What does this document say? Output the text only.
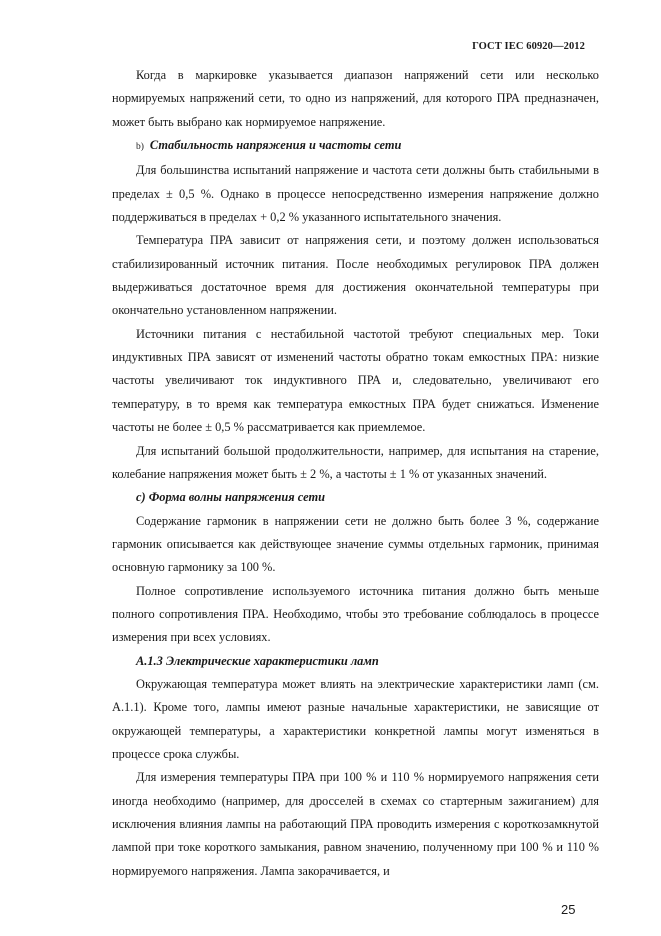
ГОСТ IEC 60920—2012

Когда в маркировке указывается диапазон напряжений сети или несколько нормируемых напряжений сети, то одно из напряжений, для которого ПРА предназначен, может быть выбрано как нормируемое напряжение.

b) Стабильность напряжения и частоты сети

Для большинства испытаний напряжение и частота сети должны быть стабильными в пределах ± 0,5 %. Однако в процессе непосредственно измерения напряжение должно поддерживаться в пределах + 0,2 % указанного испытательного значения.

Температура ПРА зависит от напряжения сети, и поэтому должен использоваться стабилизированный источник питания. После необходимых регулировок ПРА должен выдерживаться достаточное время для достижения окончательной температуры при окончательно установленном напряжении.

Источники питания с нестабильной частотой требуют специальных мер. Токи индуктивных ПРА зависят от изменений частоты обратно токам емкостных ПРА: низкие частоты увеличивают ток индуктивного ПРА и, следовательно, увеличивают его температуру, в то время как температура емкостных ПРА будет снижаться. Изменение частоты не более ± 0,5 % рассматривается как приемлемое.

Для испытаний большой продолжительности, например, для испытания на старение, колебание напряжения может быть ± 2 %, а частоты ± 1 % от указанных значений.

с) Форма волны напряжения сети

Содержание гармоник в напряжении сети не должно быть более 3 %, содержание гармоник описывается как действующее значение суммы отдельных гармоник, принимая основную гармонику за 100 %.

Полное сопротивление используемого источника питания должно быть меньше полного сопротивления ПРА. Необходимо, чтобы это требование соблюдалось в процессе измерения при всех условиях.

А.1.3 Электрические характеристики ламп

Окружающая температура может влиять на электрические характеристики ламп (см. А.1.1). Кроме того, лампы имеют разные начальные характеристики, не зависящие от окружающей температуры, а характеристики конкретной лампы могут изменяться в процессе срока службы.

Для измерения температуры ПРА при 100 % и 110 % нормируемого напряжения сети иногда необходимо (например, для дросселей в схемах со стартерным зажиганием) для исключения влияния лампы на работающий ПРА проводить измерения с короткозамкнутой лампой при токе короткого замыкания, равном значению, полученному при 100 % и 110 % нормируемого напряжения. Лампа закорачивается, и

25
